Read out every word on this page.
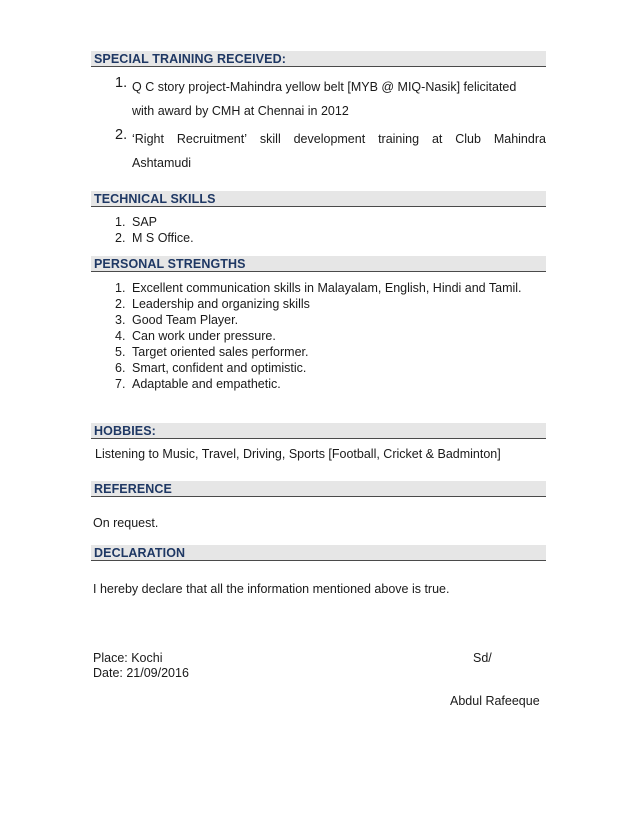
SPECIAL TRAINING RECEIVED:
1. Q C story project-Mahindra yellow belt [MYB @ MIQ-Nasik] felicitated
with award by CMH at Chennai in 2012
2. ‘Right Recruitment’ skill development training at Club Mahindra
Ashtamudi
TECHNICAL SKILLS
1. SAP
2. M S Office.
PERSONAL STRENGTHS
1. Excellent communication skills in Malayalam, English, Hindi and Tamil.
2. Leadership and organizing skills
3. Good Team Player.
4. Can work under pressure.
5. Target oriented sales performer.
6. Smart, confident and optimistic.
7. Adaptable and empathetic.
HOBBIES:
Listening to Music, Travel, Driving, Sports [Football, Cricket & Badminton]
REFERENCE
On request.
DECLARATION
I hereby declare that all the information mentioned above is true.
Place: Kochi
Date: 21/09/2016
Sd/
Abdul Rafeeque
